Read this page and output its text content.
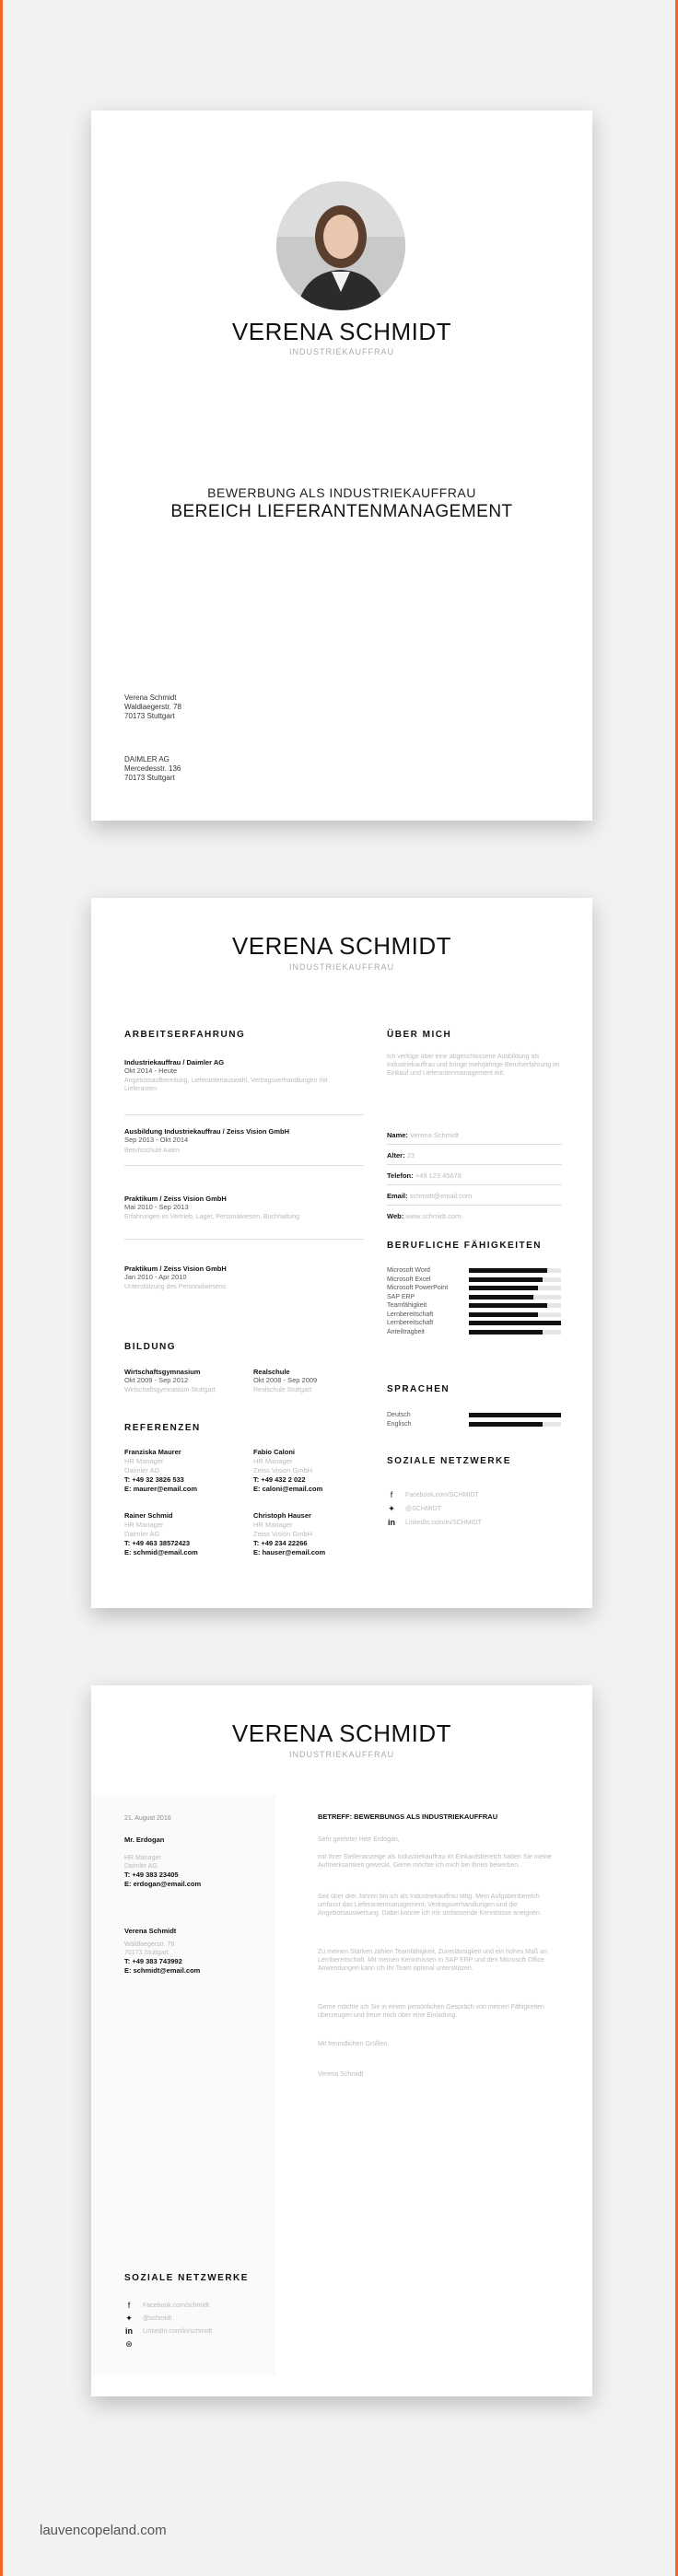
VERENA SCHMIDT
INDUSTRIEKAUFFRAU
BEWERBUNG ALS INDUSTRIEKAUFFRAU
BEREICH LIEFERANTENMANAGEMENT
Verena Schmidt
Waldlaegerstr. 78
70173 Stuttgart
DAIMLER AG
Mercedesstr. 136
70173 Stuttgart
VERENA SCHMIDT
INDUSTRIEKAUFFRAU
ARBEITSERFAHRUNG
Industriekauffrau / Daimler AG
Okt 2014 - Heute
Angebotsaufbereitung, Lieferantenauswahl, Vertragsverhandlungen mit Lieferanten
Ausbildung Industriekauffrau / Zeiss Vision GmbH
Sep 2013 - Okt 2014
Berufsschule Aalen
Praktikum / Zeiss Vision GmbH
Mai 2010 - Sep 2013
Erfahrungen im Vertrieb, Lager, Personalwesen, Buchhaltung
Praktikum / Zeiss Vision GmbH
Jan 2010 - Apr 2010
Unterstützung des Personalwesens
BILDUNG
Wirtschaftsgymnasium
Okt 2009 - Sep 2012
Wirtschaftsgymnasium Stuttgart
Realschule
Okt 2008 - Sep 2009
Realschule Stuttgart
REFERENZEN
Franziska Maurer
HR Manager
Daimler AG
T: +49 32 3826 533
E: maurer@email.com
Fabio Caloni
HR Manager
Zeiss Vision GmbH
T: +49 432 2 022
E: caloni@email.com
Rainer Schmid
HR Manager
Daimler AG
T: +49 463 38572423
E: schmid@email.com
Christoph Hauser
HR Manager
Zeiss Vision GmbH
T: +49 234 22266
E: hauser@email.com
ÜBER MICH
Ich verfüge über eine abgeschlossene Ausbildung als Industriekauffrau und bringe mehrjährige Berufserfahrung im Einkauf und Lieferantenmanagement mit.
Name: Verena Schmidt
Alter: 23
Telefon: +49 123 45678
Email: schmidt@email.com
Web: www.schmidt.com
BERUFLICHE FÄHIGKEITEN
SPRACHEN
SOZIALE NETZWERKE
f	Facebook.com/SCHMIDT
✦ @SCHMIDT
in LinkedIn.com/in/SCHMIDT
Microsoft Word
Microsoft Excel
Microsoft PowerPoint
SAP ERP
Teamfähigkeit
Lernbereitschaft
Lernbereitschaft
Anteiltragbeit
Deutsch
Englisch
VERENA SCHMIDT
INDUSTRIEKAUFFRAU
21. August 2016
Mr. Erdogan
HR Manager
Daimler AG
T: +49 383 23405
E: erdogan@email.com
Verena Schmidt
Waldlaegerstr. 78
70173 Stuttgart
T: +49 383 743992
E: schmidt@email.com
BETREFF: BEWERBUNGS ALS INDUSTRIEKAUFFRAU
Sehr geehrter Herr Erdogan,
mit Ihrer Stellenanzeige als Industriekauffrau im Einkaufsbereich haben Sie meine Aufmerksamkeit geweckt. Gerne möchte ich mich bei Ihnen bewerben.
Seit über drei Jahren bin ich als Industriekauffrau tätig. Mein Aufgabenbereich umfasst das Lieferantenmanagement, Vertragsverhandlungen und die Angebotsauswertung. Dabei konnte ich mir umfassende Kenntnisse aneignen.
Zu meinen Stärken zählen Teamfähigkeit, Zuverlässigkeit und ein hohes Maß an Lernbereitschaft. Mit meinen Kenntnissen in SAP ERP und den Microsoft Office Anwendungen kann ich Ihr Team optimal unterstützen.
Gerne möchte ich Sie in einem persönlichen Gespräch von meinen Fähigkeiten überzeugen und freue mich über eine Einladung.
Mit freundlichen Grüßen
Verena Schmidt
SOZIALE NETZWERKE
f	Facebook.com/schmidt
✦ @schmidt
in LinkedIn.com/in/schmidt
⊛
lauvencopeland.com
